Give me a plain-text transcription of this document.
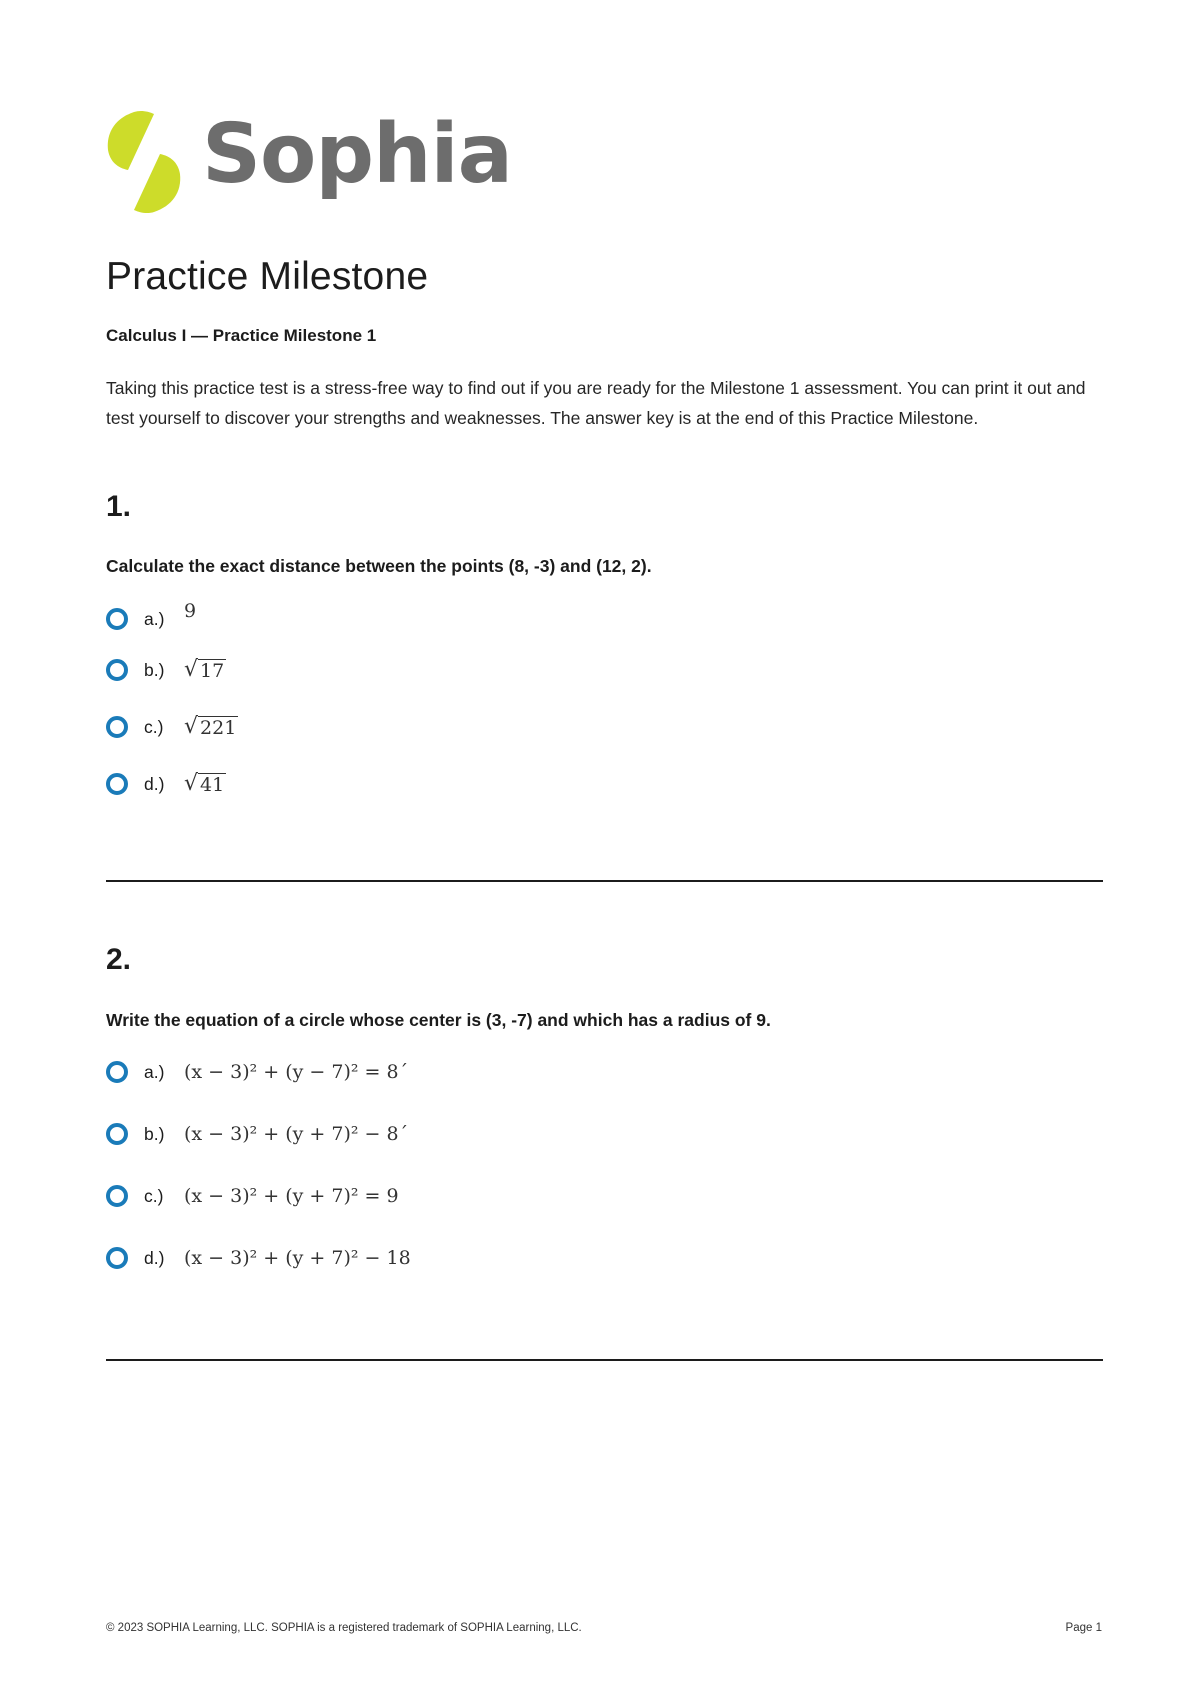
Sophia
Practice Milestone
Calculus I — Practice Milestone 1
Taking this practice test is a stress-free way to find out if you are ready for the Milestone 1 assessment. You can print it out and test yourself to discover your strengths and weaknesses. The answer key is at the end of this Practice Milestone.
1.
Calculate the exact distance between the points (8, -3) and (12, 2).
a.)	9
b.) √ 17
c.) √ 221
d.) √ 41
2.
Write the equation of a circle whose center is (3, -7) and which has a radius of 9.
a.)	(x − 3)² + (y − 7)² = 8´
b.)	(x − 3)² + (y + 7)² − 8´
c.)	(x − 3)² + (y + 7)² = 9
d.)	(x − 3)² + (y + 7)² − 18
© 2023 SOPHIA Learning, LLC. SOPHIA is a registered trademark of SOPHIA Learning, LLC.	Page 1
